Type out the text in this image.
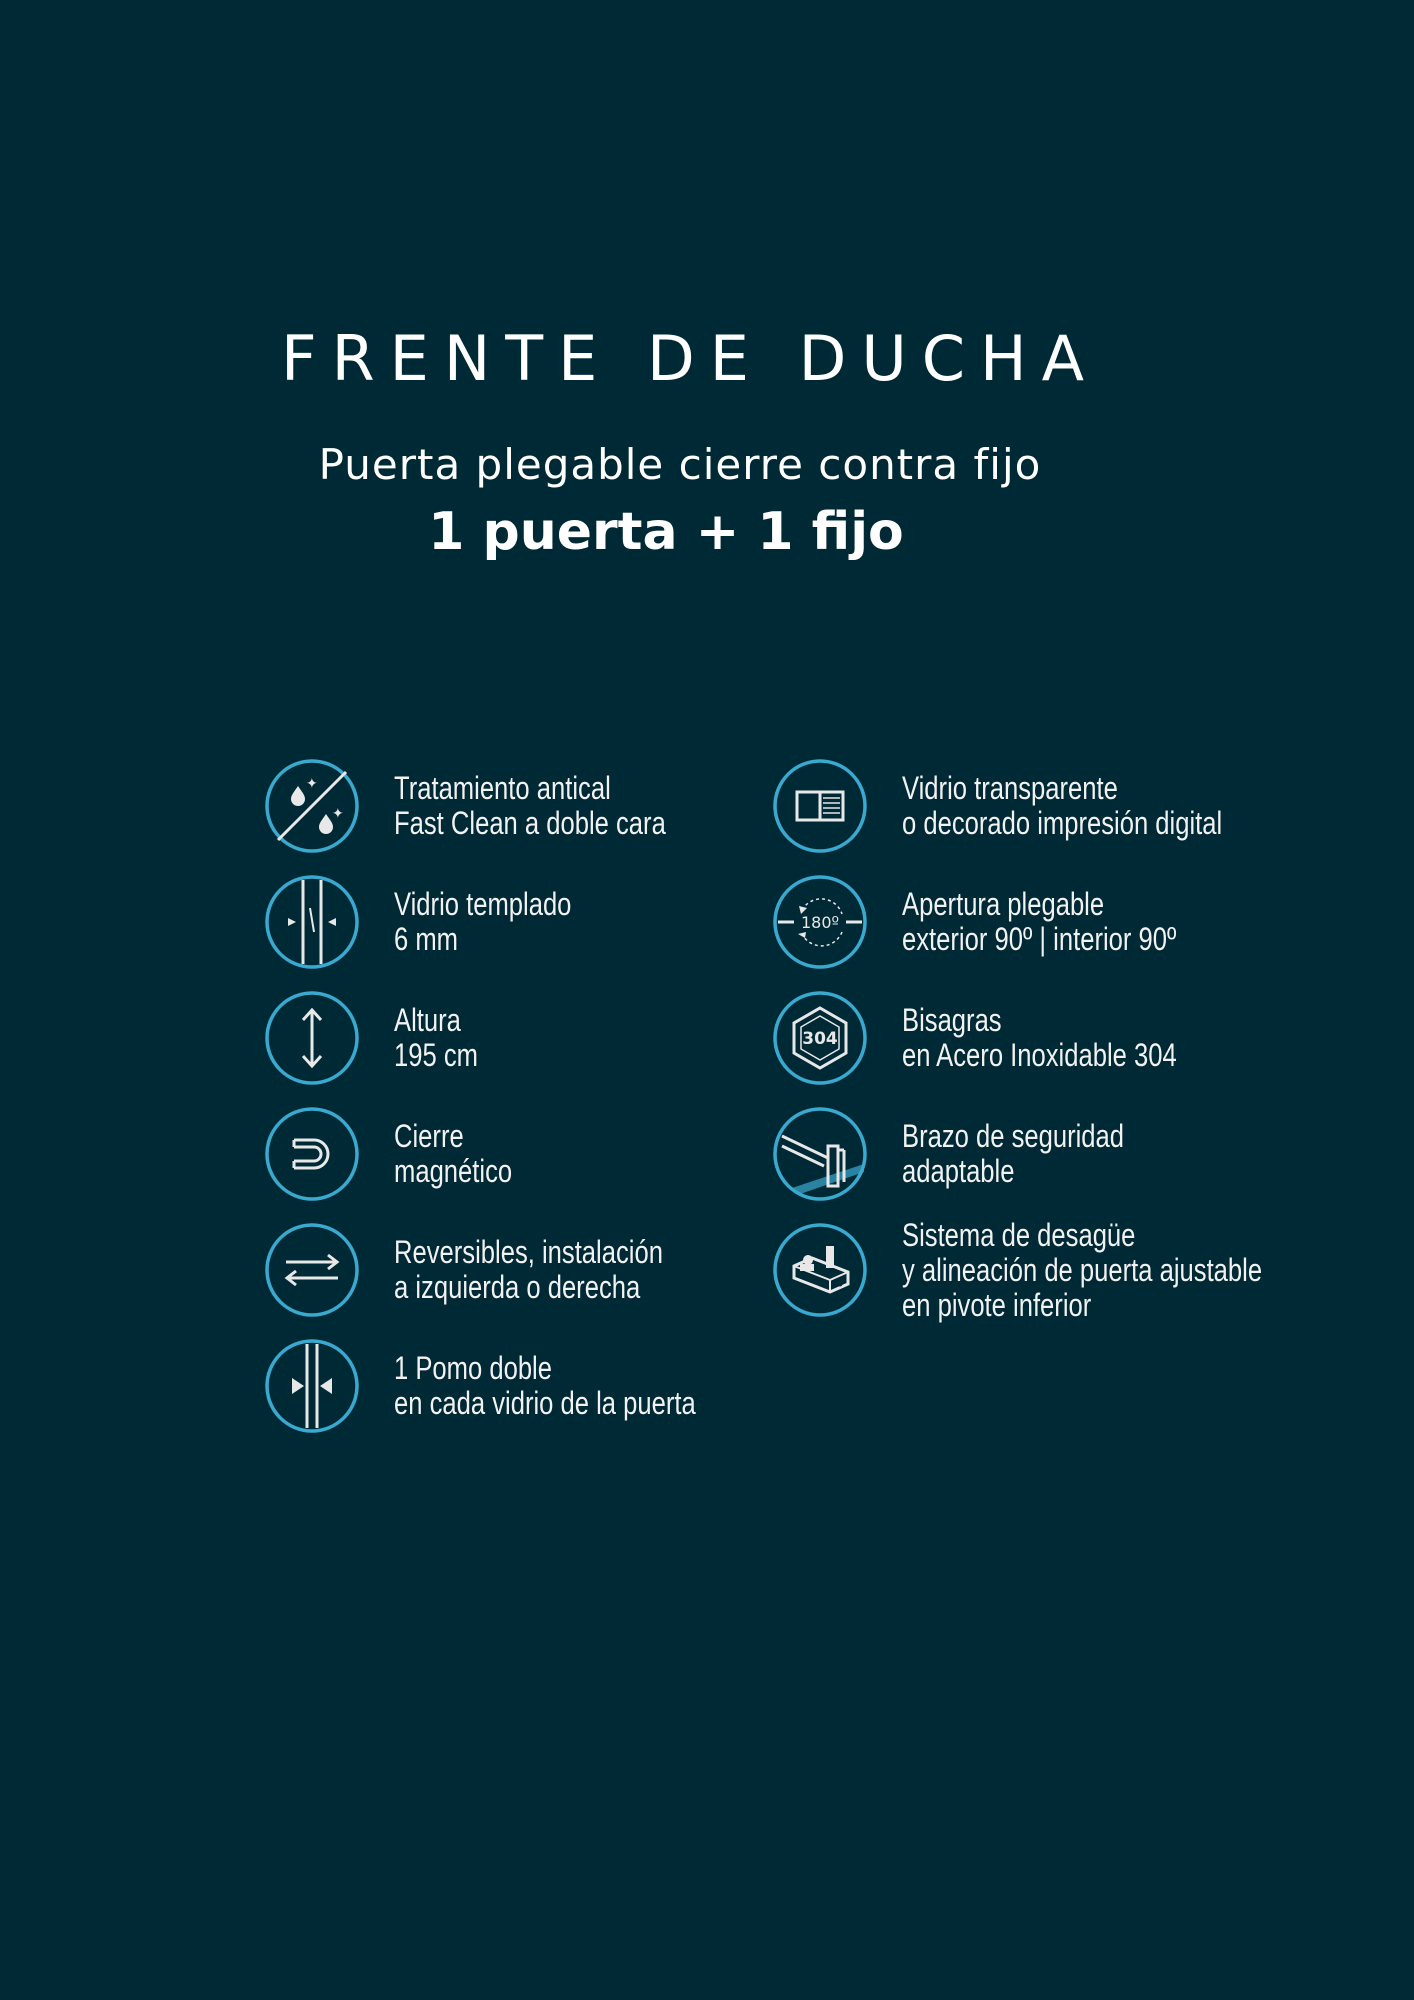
FRENTE DE DUCHA
Puerta plegable cierre contra fijo
1 puerta + 1 fijo
✦
✦
Tratamiento antical
Fast Clean a doble cara
Vidrio templado
6 mm
Altura
195 cm
Cierre
magnético
Reversibles, instalación
a izquierda o derecha
1 Pomo doble
en cada vidrio de la puerta
Vidrio transparente
o decorado impresión digital
180º
Apertura plegable
exterior 90º | interior 90º
304
Bisagras
en Acero Inoxidable 304
Brazo de seguridad
adaptable
Sistema de desagüe
y alineación de puerta ajustable
en pivote inferior
